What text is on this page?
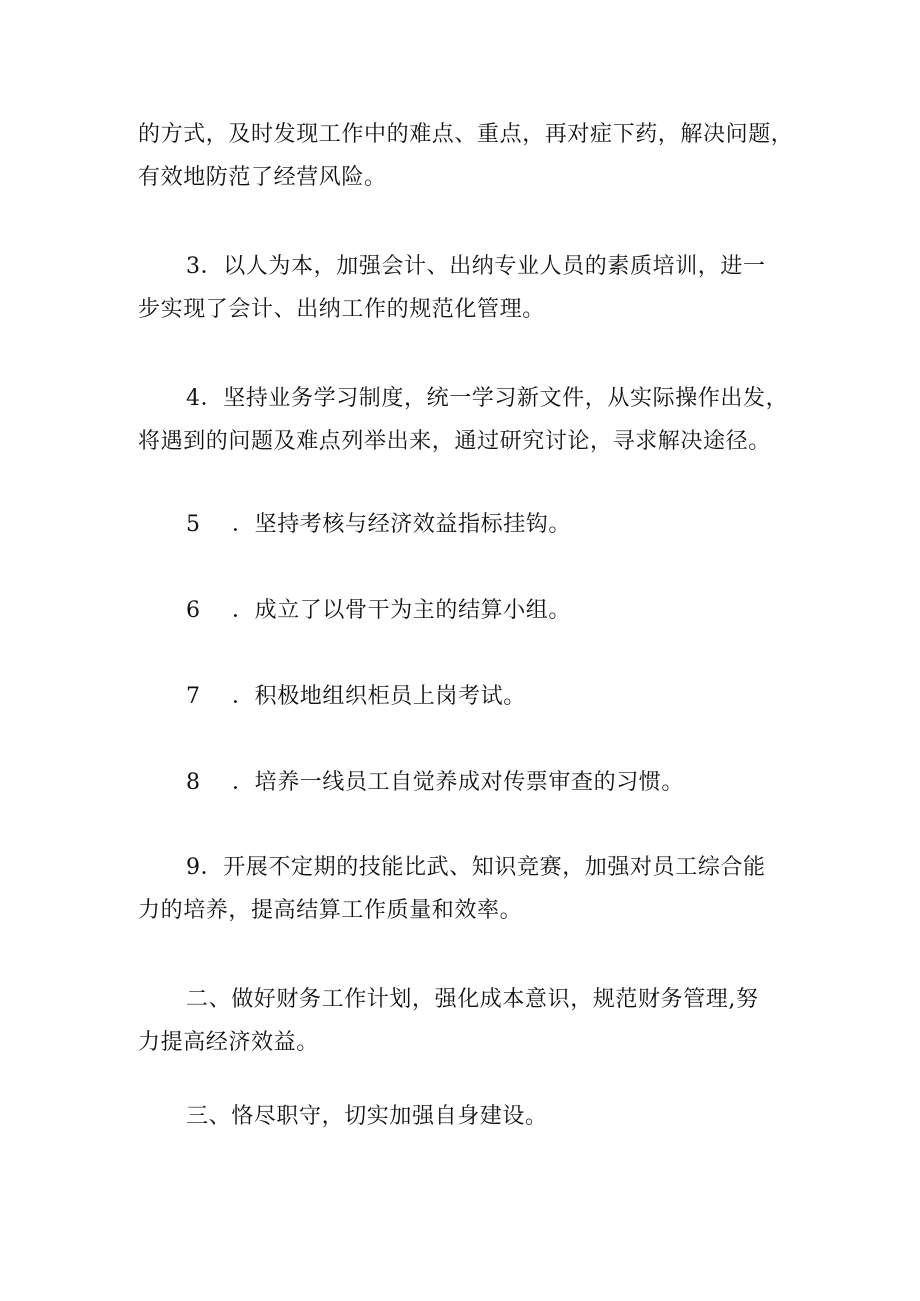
的方式，及时发现工作中的难点、重点，再对症下药，解决问题，
有效地防范了经营风险。
3．以人为本，加强会计、出纳专业人员的素质培训，进一
步实现了会计、出纳工作的规范化管理。
4．坚持业务学习制度，统一学习新文件，从实际操作出发，
将遇到的问题及难点列举出来，通过研究讨论，寻求解决途径。
5 ．坚持考核与经济效益指标挂钩。
6 ．成立了以骨干为主的结算小组。
7 ．积极地组织柜员上岗考试。
8 ．培养一线员工自觉养成对传票审查的习惯。
9．开展不定期的技能比武、知识竞赛，加强对员工综合能
力的培养，提高结算工作质量和效率。
二、做好财务工作计划，强化成本意识，规范财务管理,努
力提高经济效益。
三、恪尽职守，切实加强自身建设。
